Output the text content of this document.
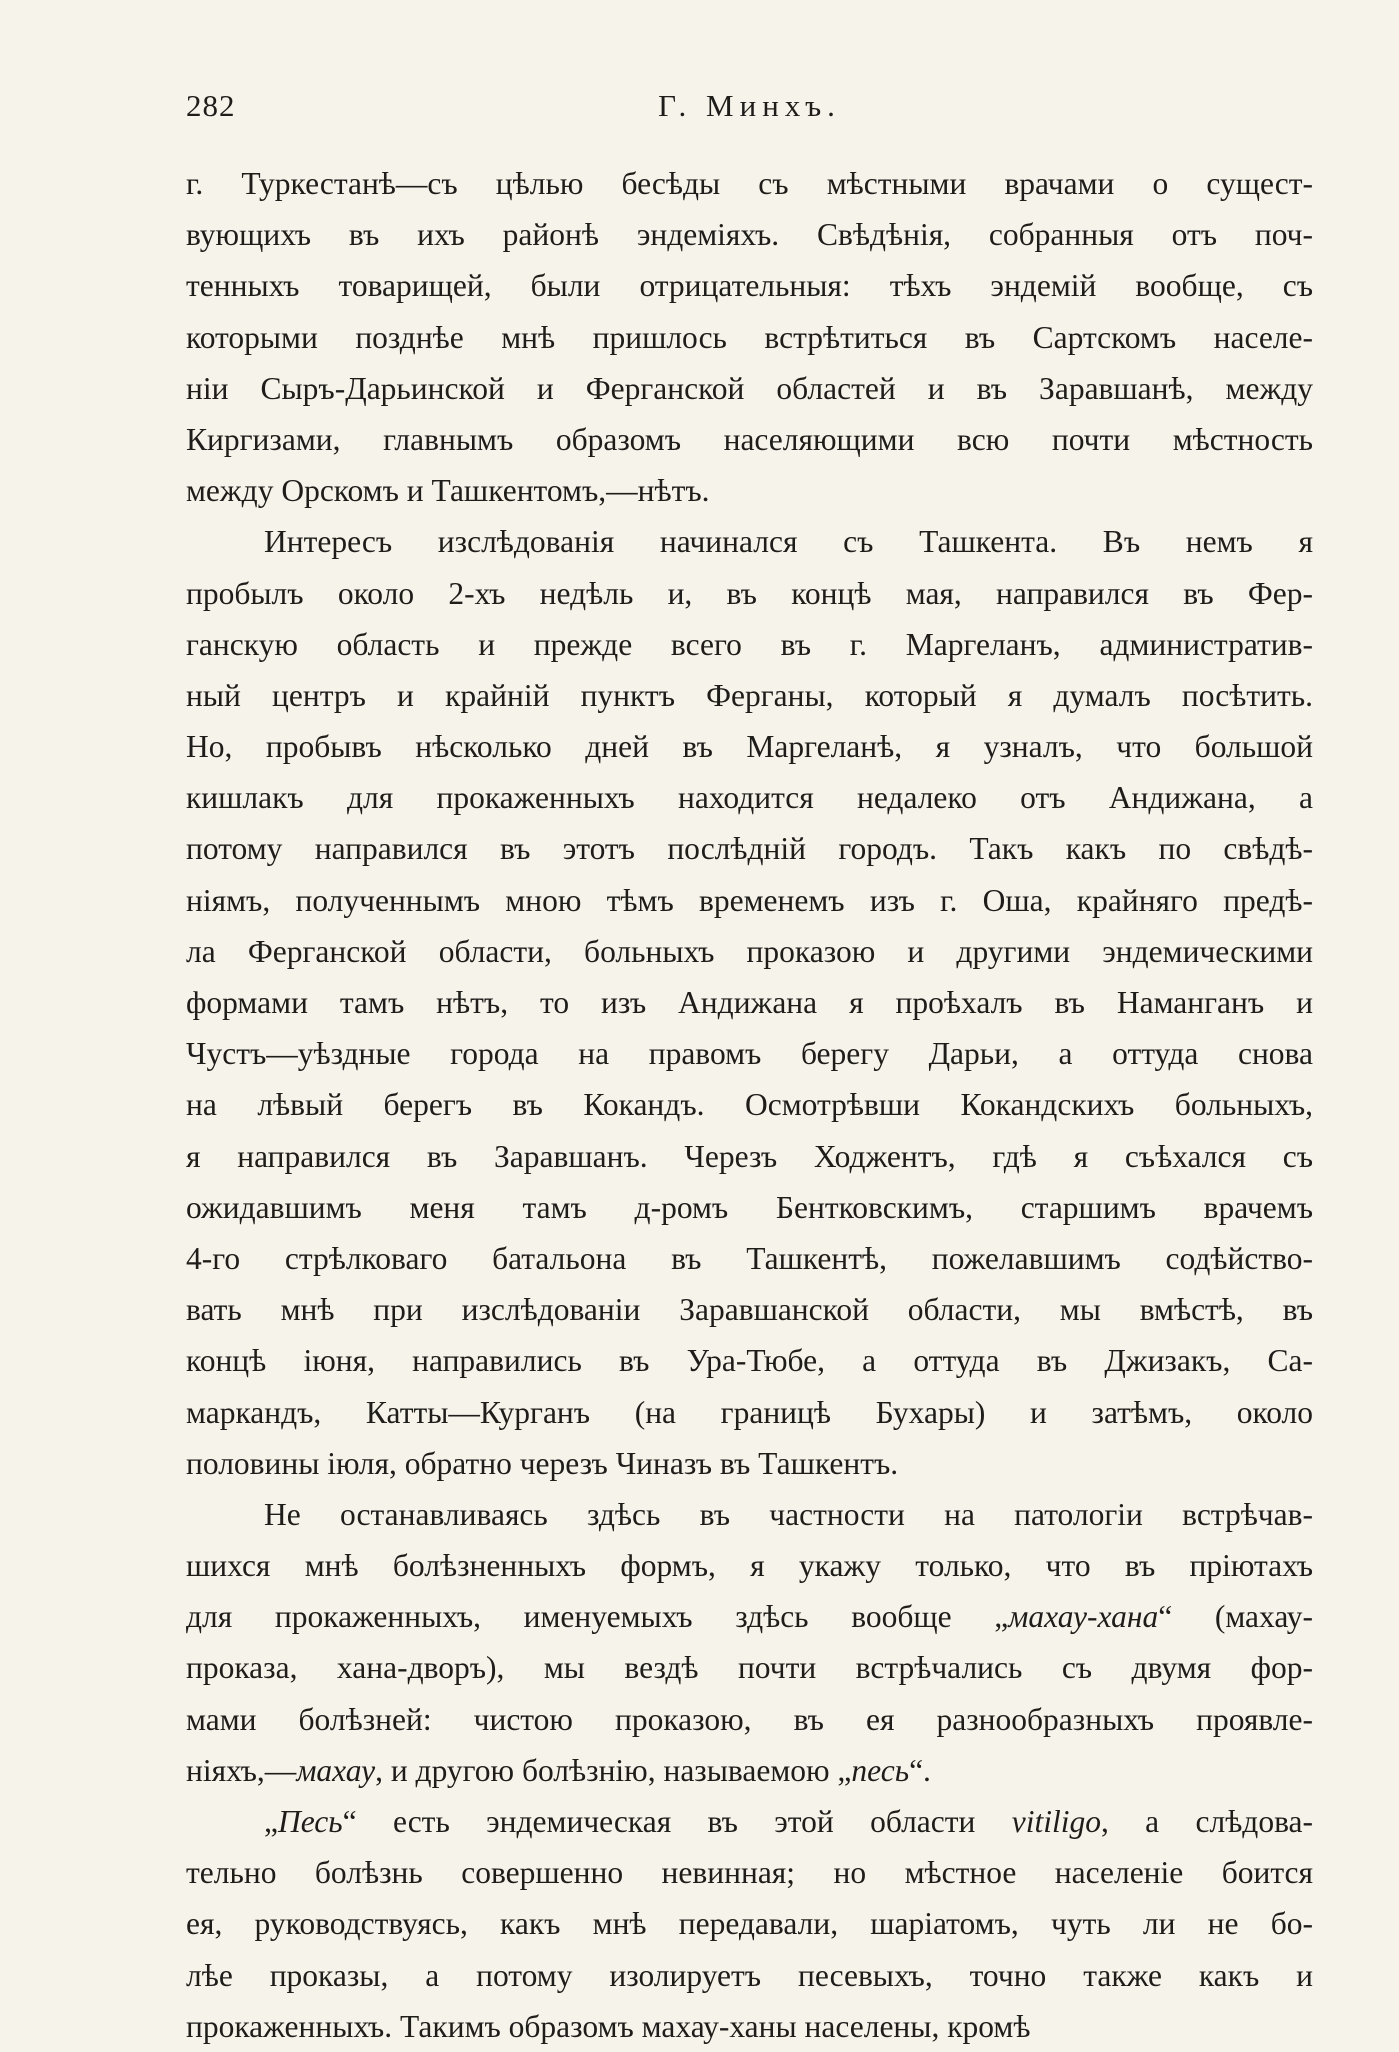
282	Г. Минхъ.
г. Туркестанѣ—съ цѣлью бесѣды съ мѣстными врачами о сущест-
вующихъ въ ихъ районѣ эндеміяхъ. Свѣдѣнія, собранныя отъ поч-
тенныхъ товарищей, были отрицательныя: тѣхъ эндемій вообще, съ
которыми позднѣе мнѣ пришлось встрѣтиться въ Сартскомъ населе-
ніи Сыръ-Дарьинской и Ферганской областей и въ Заравшанѣ, между
Киргизами, главнымъ образомъ населяющими всю почти мѣстность
между Орскомъ и Ташкентомъ,—нѣтъ.
Интересъ изслѣдованія начинался съ Ташкента. Въ немъ я
пробылъ около 2-хъ недѣль и, въ концѣ мая, направился въ Фер-
ганскую область и прежде всего въ г. Маргеланъ, административ-
ный центръ и крайній пунктъ Ферганы, который я думалъ посѣтить.
Но, пробывъ нѣсколько дней въ Маргеланѣ, я узналъ, что большой
кишлакъ для прокаженныхъ находится недалеко отъ Андижана, а
потому направился въ этотъ послѣдній городъ. Такъ какъ по свѣдѣ-
ніямъ, полученнымъ мною тѣмъ временемъ изъ г. Оша, крайняго предѣ-
ла Ферганской области, больныхъ проказою и другими эндемическими
формами тамъ нѣтъ, то изъ Андижана я проѣхалъ въ Наманганъ и
Чустъ—уѣздные города на правомъ берегу Дарьи, а оттуда снова
на лѣвый берегъ въ Кокандъ. Осмотрѣвши Кокандскихъ больныхъ,
я направился въ Заравшанъ. Черезъ Ходжентъ, гдѣ я съѣхался съ
ожидавшимъ меня тамъ д-ромъ Бентковскимъ, старшимъ врачемъ
4-го стрѣлковаго батальона въ Ташкентѣ, пожелавшимъ содѣйство-
вать мнѣ при изслѣдованіи Заравшанской области, мы вмѣстѣ, въ
концѣ іюня, направились въ Ура-Тюбе, а оттуда въ Джизакъ, Са-
маркандъ, Катты—Курганъ (на границѣ Бухары) и затѣмъ, около
половины іюля, обратно черезъ Чиназъ въ Ташкентъ.
Не останавливаясь здѣсь въ частности на патологіи встрѣчав-
шихся мнѣ болѣзненныхъ формъ, я укажу только, что въ пріютахъ
для прокаженныхъ, именуемыхъ здѣсь вообще „махау-хана“ (махау-
проказа, хана-дворъ), мы вездѣ почти встрѣчались съ двумя фор-
мами болѣзней: чистою проказою, въ ея разнообразныхъ проявле-
ніяхъ,—махау, и другою болѣзнію, называемою „песь“.
„Песь“ есть эндемическая въ этой области vitiligo, а слѣдова-
тельно болѣзнь совершенно невинная; но мѣстное населеніе боится
ея, руководствуясь, какъ мнѣ передавали, шаріатомъ, чуть ли не бо-
лѣе проказы, а потому изолируетъ песевыхъ, точно также какъ и
прокаженныхъ. Такимъ образомъ махау-ханы населены, кромѣ
